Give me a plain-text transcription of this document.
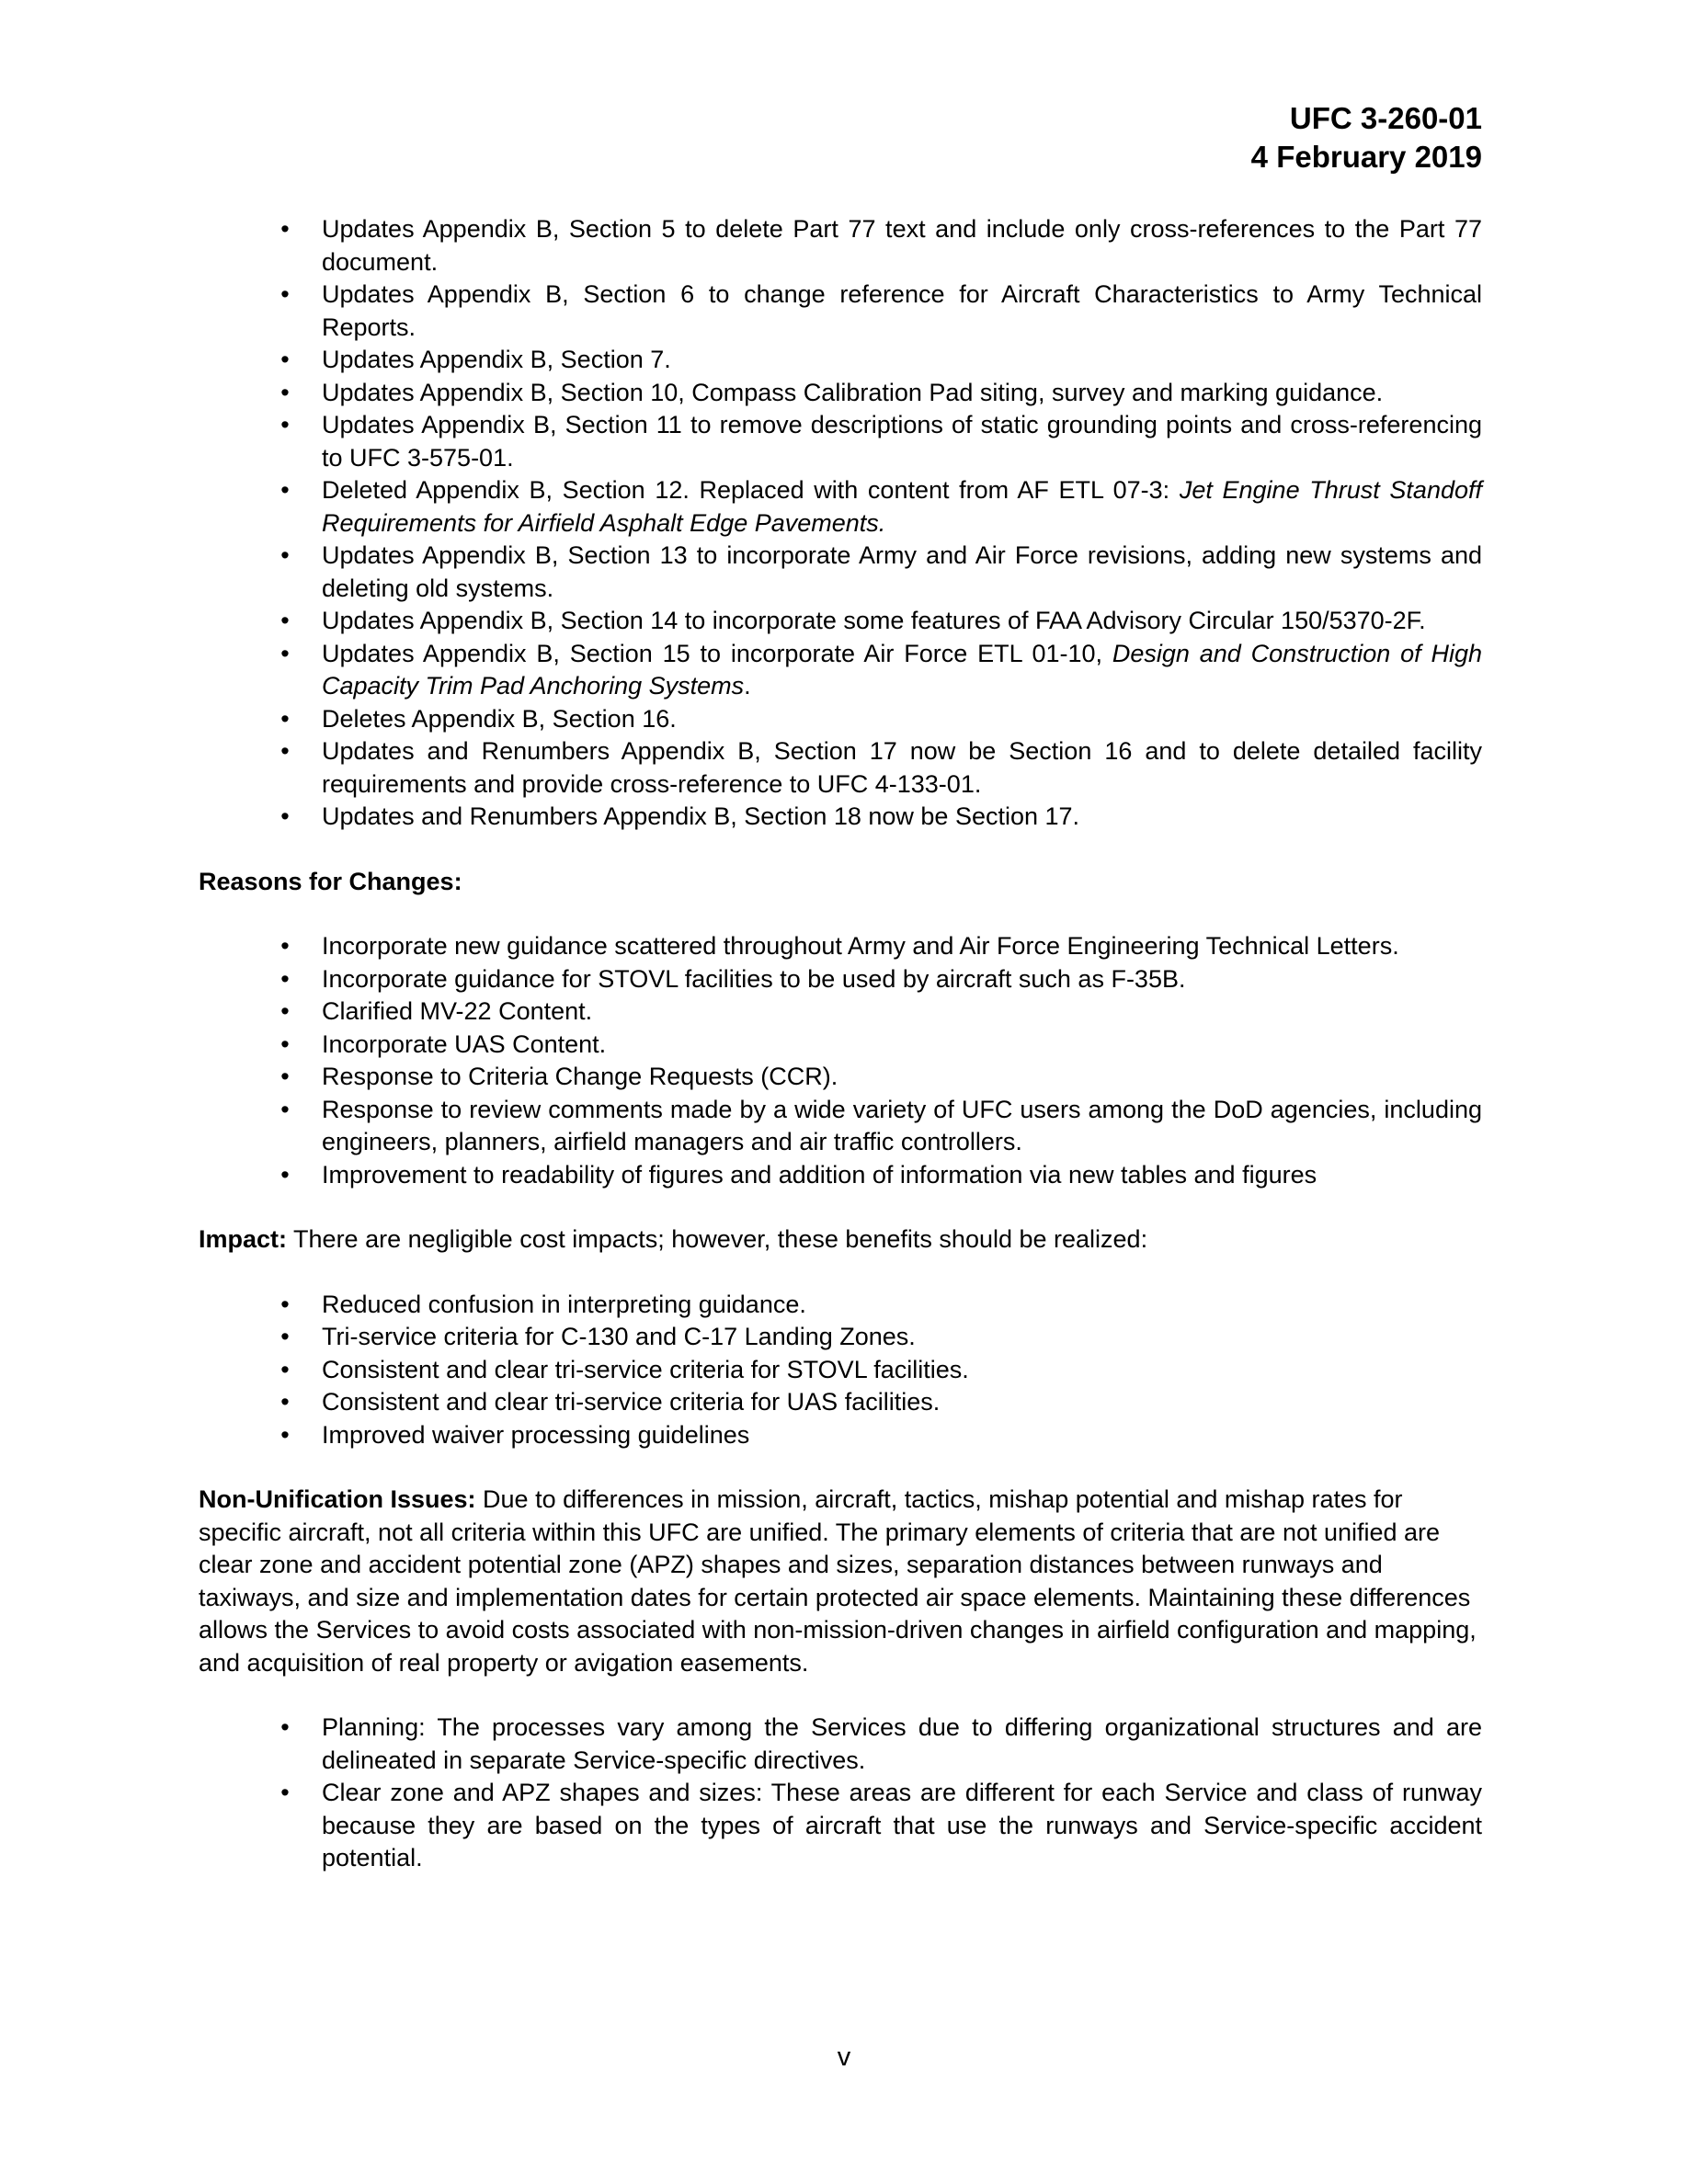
UFC 3-260-01
4 February 2019
• Updates Appendix B, Section 5 to delete Part 77 text and include only cross-references to the Part 77 document.
• Updates Appendix B, Section 6 to change reference for Aircraft Characteristics to Army Technical Reports.
• Updates Appendix B, Section 7.
• Updates Appendix B, Section 10, Compass Calibration Pad siting, survey and marking guidance.
• Updates Appendix B, Section 11 to remove descriptions of static grounding points and cross-referencing to UFC 3-575-01.
• Deleted Appendix B, Section 12. Replaced with content from AF ETL 07-3: Jet Engine Thrust Standoff Requirements for Airfield Asphalt Edge Pavements.
• Updates Appendix B, Section 13 to incorporate Army and Air Force revisions, adding new systems and deleting old systems.
• Updates Appendix B, Section 14 to incorporate some features of FAA Advisory Circular 150/5370-2F.
• Updates Appendix B, Section 15 to incorporate Air Force ETL 01-10, Design and Construction of High Capacity Trim Pad Anchoring Systems.
• Deletes Appendix B, Section 16.
• Updates and Renumbers Appendix B, Section 17 now be Section 16 and to delete detailed facility requirements and provide cross-reference to UFC 4-133-01.
• Updates and Renumbers Appendix B, Section 18 now be Section 17.
Reasons for Changes:
• Incorporate new guidance scattered throughout Army and Air Force Engineering Technical Letters.
• Incorporate guidance for STOVL facilities to be used by aircraft such as F-35B.
• Clarified MV-22 Content.
• Incorporate UAS Content.
• Response to Criteria Change Requests (CCR).
• Response to review comments made by a wide variety of UFC users among the DoD agencies, including engineers, planners, airfield managers and air traffic controllers.
• Improvement to readability of figures and addition of information via new tables and figures
Impact: There are negligible cost impacts; however, these benefits should be realized:
• Reduced confusion in interpreting guidance.
• Tri-service criteria for C-130 and C-17 Landing Zones.
• Consistent and clear tri-service criteria for STOVL facilities.
• Consistent and clear tri-service criteria for UAS facilities.
• Improved waiver processing guidelines
Non-Unification Issues: Due to differences in mission, aircraft, tactics, mishap potential and mishap rates for specific aircraft, not all criteria within this UFC are unified. The primary elements of criteria that are not unified are clear zone and accident potential zone (APZ) shapes and sizes, separation distances between runways and taxiways, and size and implementation dates for certain protected air space elements. Maintaining these differences allows the Services to avoid costs associated with non-mission-driven changes in airfield configuration and mapping, and acquisition of real property or avigation easements.
• Planning: The processes vary among the Services due to differing organizational structures and are delineated in separate Service-specific directives.
• Clear zone and APZ shapes and sizes: These areas are different for each Service and class of runway because they are based on the types of aircraft that use the runways and Service-specific accident potential.
v
